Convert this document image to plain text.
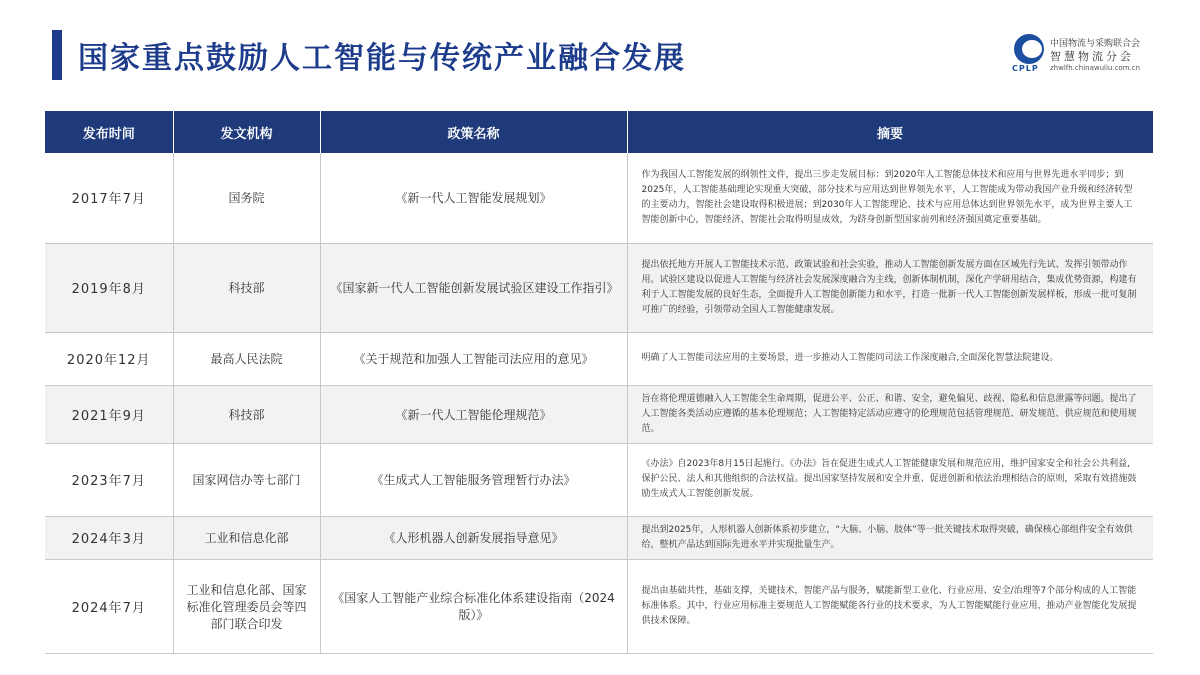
国家重点鼓励人工智能与传统产业融合发展	CPLP
中国物流与采购联合会
智慧物流分会
zhwlfh.chinawuliu.com.cn
发布时间	发文机构	政策名称	摘要
2017年7月	国务院	《新一代人工智能发展规划》	作为我国人工智能发展的纲领性文件，提出三步走发展目标：到2020年人工智能总体技术和应用与世界先进水平同步；到2025年，人工智能基础理论实现重大突破，部分技术与应用达到世界领先水平，人工智能成为带动我国产业升级和经济转型的主要动力，智能社会建设取得积极进展；到2030年人工智能理论、技术与应用总体达到世界领先水平，成为世界主要人工智能创新中心，智能经济、智能社会取得明显成效，为跻身创新型国家前列和经济强国奠定重要基础。
2019年8月	科技部	《国家新一代人工智能创新发展试验区建设工作指引》	提出依托地方开展人工智能技术示范、政策试验和社会实验，推动人工智能创新发展方面在区域先行先试、发挥引领带动作用。试验区建设以促进人工智能与经济社会发展深度融合为主线，创新体制机制，深化产学研用结合，集成优势资源，构建有利于人工智能发展的良好生态，全面提升人工智能创新能力和水平，打造一批新一代人工智能创新发展样板，形成一批可复制可推广的经验，引领带动全国人工智能健康发展。
2020年12月	最高人民法院	《关于规范和加强人工智能司法应用的意见》	明确了人工智能司法应用的主要场景，进一步推动人工智能同司法工作深度融合,全面深化智慧法院建设。
2021年9月	科技部	《新一代人工智能伦理规范》	旨在将伦理道德融入人工智能全生命周期，促进公平、公正、和谐、安全，避免偏见、歧视、隐私和信息泄露等问题。提出了人工智能各类活动应遵循的基本伦理规范；人工智能特定活动应遵守的伦理规范包括管理规范、研发规范、供应规范和使用规范。
2023年7月	国家网信办等七部门	《生成式人工智能服务管理暂行办法》	《办法》自2023年8月15日起施行。《办法》旨在促进生成式人工智能健康发展和规范应用，维护国家安全和社会公共利益，保护公民、法人和其他组织的合法权益。提出国家坚持发展和安全并重、促进创新和依法治理相结合的原则，采取有效措施鼓励生成式人工智能创新发展。
2024年3月	工业和信息化部	《人形机器人创新发展指导意见》	提出到2025年，人形机器人创新体系初步建立，“大脑、小脑、肢体”等一批关键技术取得突破，确保核心部组件安全有效供给，整机产品达到国际先进水平并实现批量生产。
2024年7月	工业和信息化部、国家标准化管理委员会等四部门联合印发	《国家人工智能产业综合标准化体系建设指南（2024版）》	提出由基础共性，基础支撑，关键技术，智能产品与服务，赋能新型工业化、行业应用、安全/治理等7个部分构成的人工智能标准体系。其中，行业应用标准主要规范人工智能赋能各行业的技术要求，为人工智能赋能行业应用，推动产业智能化发展提供技术保障。
